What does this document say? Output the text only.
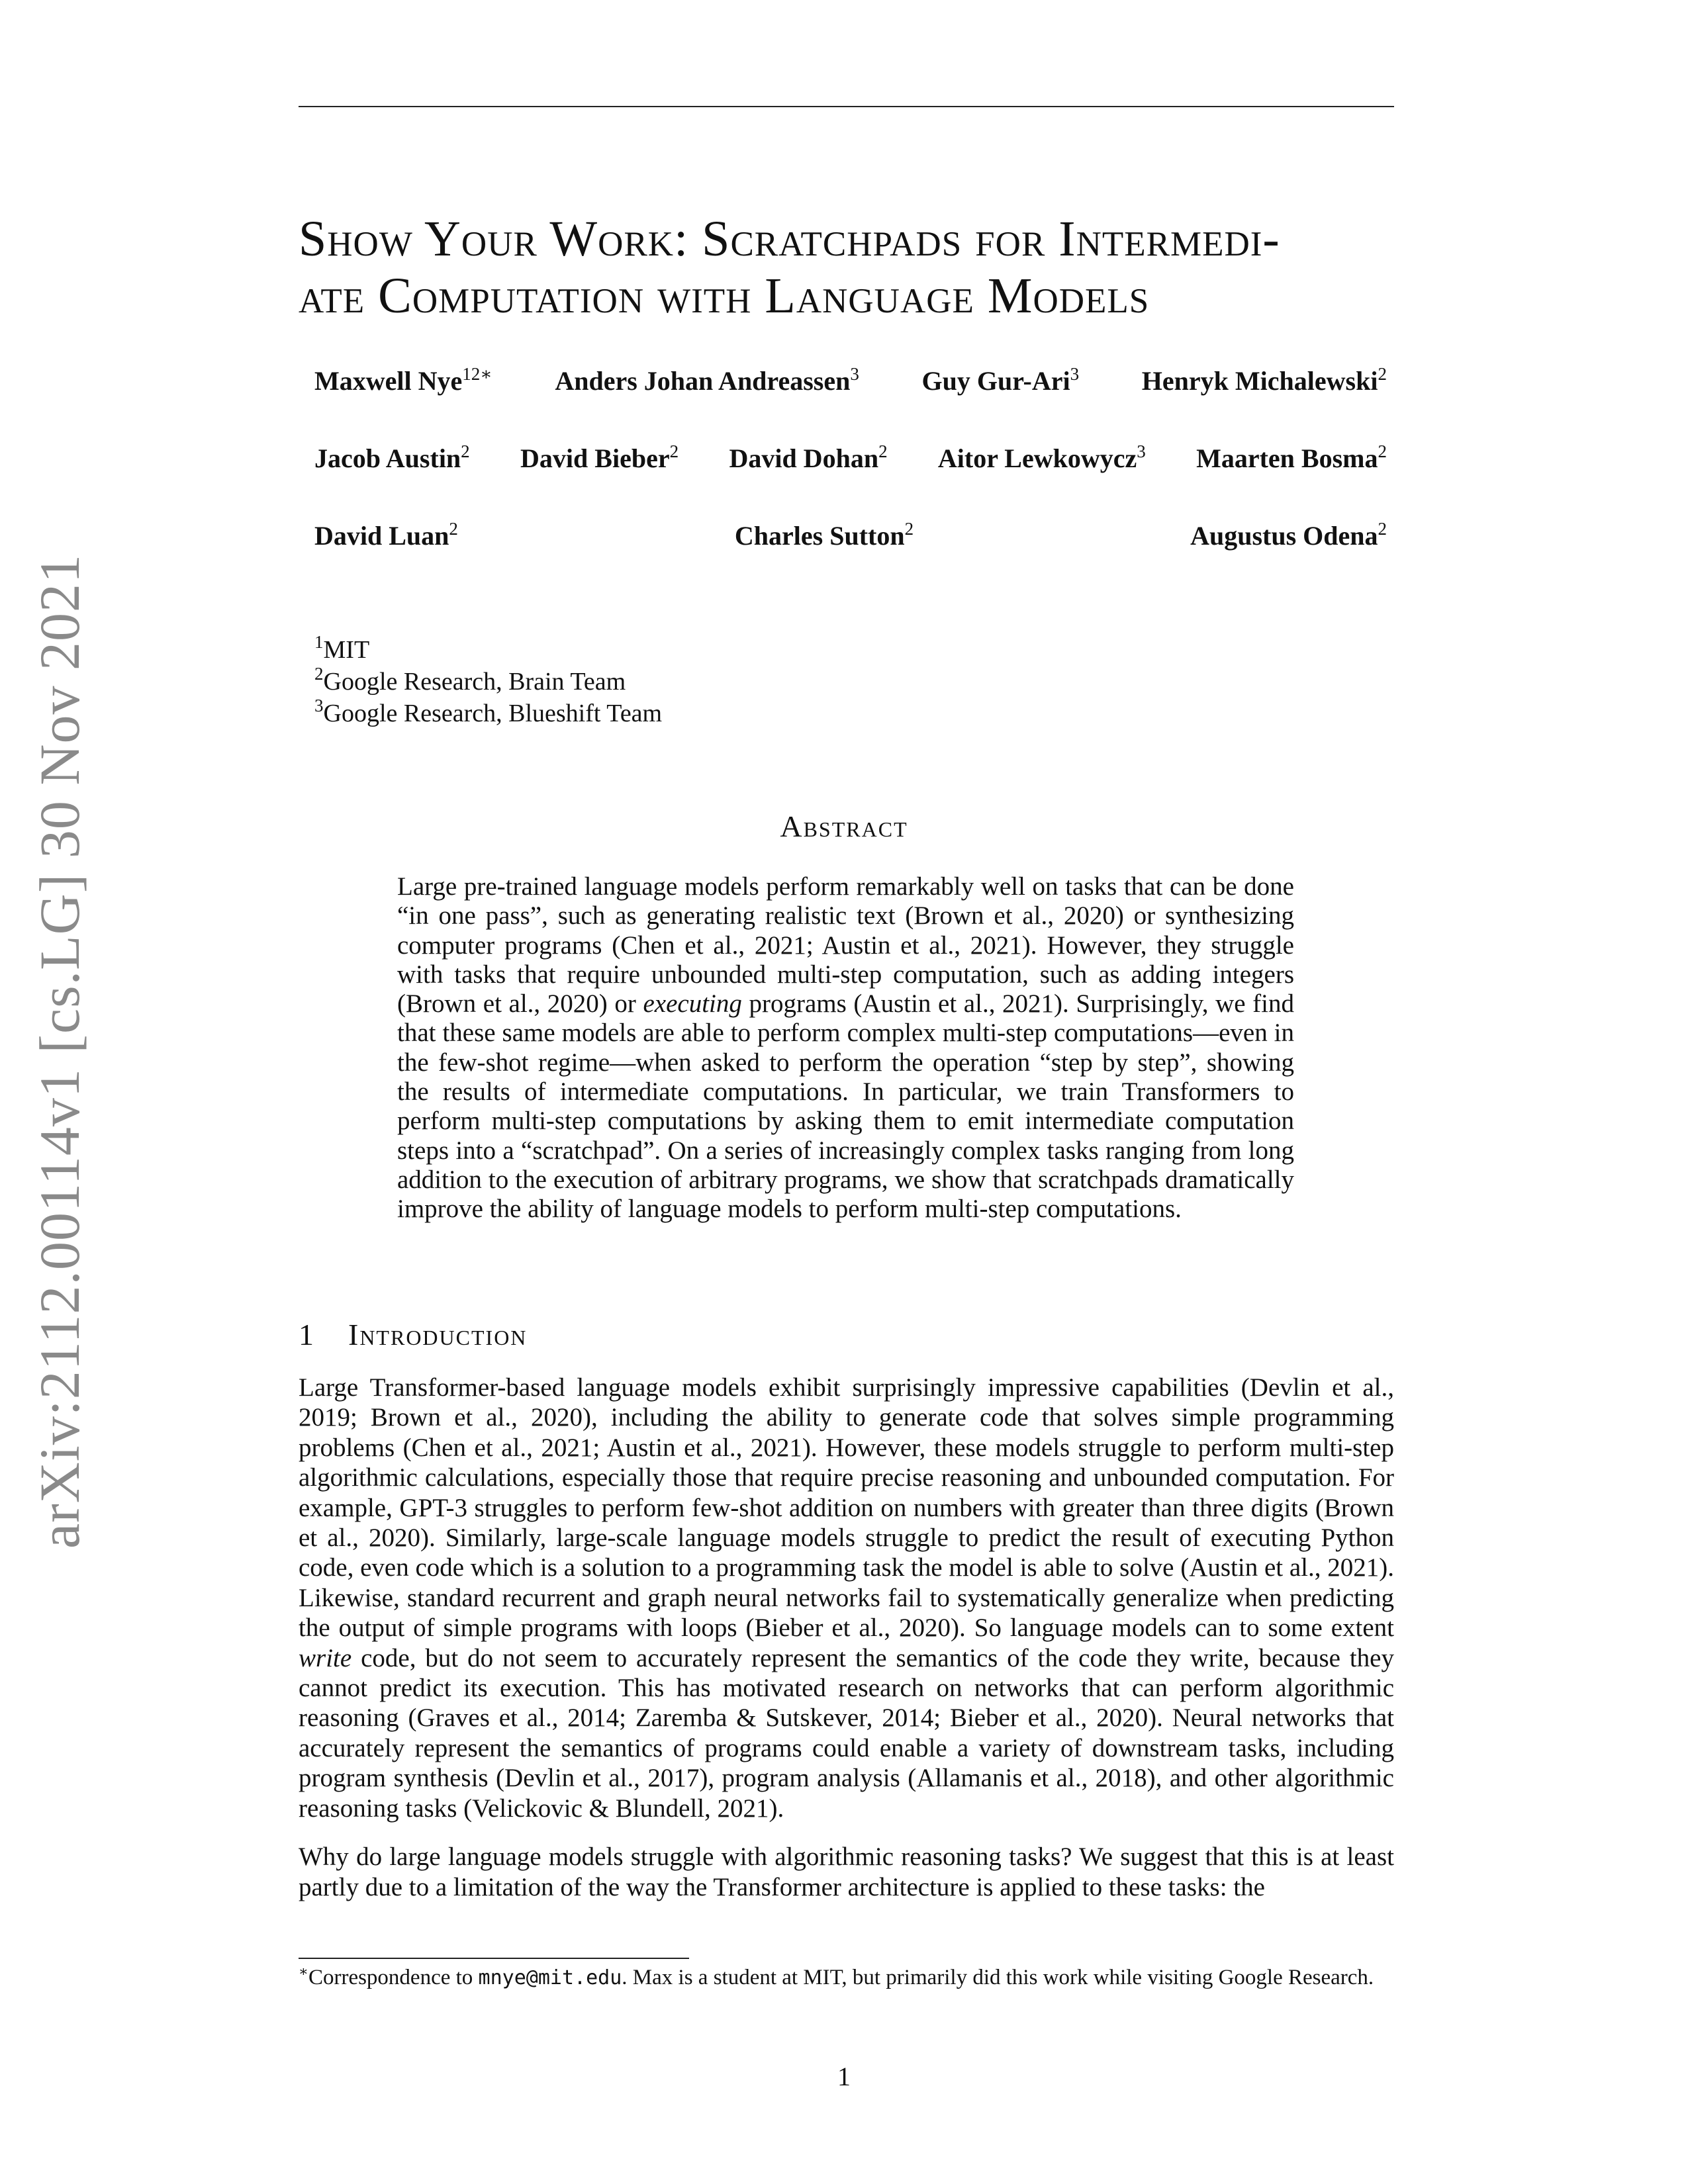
arXiv:2112.00114v1 [cs.LG] 30 Nov 2021
Show Your Work: Scratchpads for Intermedi-
ate Computation with Language Models
Maxwell Nye$^{12∗}$ Anders Johan Andreassen$^3$ Guy Gur-Ari$^3$ Henryk Michalewski$^2$
Jacob Austin$^2$ David Bieber$^2$ David Dohan$^2$ Aitor Lewkowycz$^3$ Maarten Bosma$^2$
David Luan$^2$	Charles Sutton$^2$	Augustus Odena$^2$
$^1$MIT
$^2$Google Research, Brain Team
$^3$Google Research, Blueshift Team
Abstract

Large pre-trained language models perform remarkably well on tasks that can be done “in one pass”, such as generating realistic text (Brown et al., 2020) or synthesizing computer programs (Chen et al., 2021; Austin et al., 2021). However, they struggle with tasks that require unbounded multi-step computation, such as adding integers (Brown et al., 2020) or executing programs (Austin et al., 2021). Surprisingly, we find that these same models are able to perform complex multi-step computations—even in the few-shot regime—when asked to perform the operation “step by step”, showing the results of intermediate computations. In particular, we train Transformers to perform multi-step computations by asking them to emit intermediate computation steps into a “scratchpad”. On a series of increasingly complex tasks ranging from long addition to the execution of arbitrary programs, we show that scratchpads dramatically improve the ability of language models to perform multi-step computations.

1 Introduction

Large Transformer-based language models exhibit surprisingly impressive capabilities (Devlin et al., 2019; Brown et al., 2020), including the ability to generate code that solves simple programming problems (Chen et al., 2021; Austin et al., 2021). However, these models struggle to perform multi-step algorithmic calculations, especially those that require precise reasoning and unbounded computation. For example, GPT-3 struggles to perform few-shot addition on numbers with greater than three digits (Brown et al., 2020). Similarly, large-scale language models struggle to predict the result of executing Python code, even code which is a solution to a programming task the model is able to solve (Austin et al., 2021). Likewise, standard recurrent and graph neural networks fail to systematically generalize when predicting the output of simple programs with loops (Bieber et al., 2020). So language models can to some extent write code, but do not seem to accurately represent the semantics of the code they write, because they cannot predict its execution. This has motivated research on networks that can perform algorithmic reasoning (Graves et al., 2014; Zaremba & Sutskever, 2014; Bieber et al., 2020). Neural networks that accurately represent the semantics of programs could enable a variety of downstream tasks, including program synthesis (Devlin et al., 2017), program analysis (Allamanis et al., 2018), and other algorithmic reasoning tasks (Velickovic & Blundell, 2021).

Why do large language models struggle with algorithmic reasoning tasks? We suggest that this is at least partly due to a limitation of the way the Transformer architecture is applied to these tasks: the

∗Correspondence to mnye@mit.edu. Max is a student at MIT, but primarily did this work while visiting Google Research.
1
